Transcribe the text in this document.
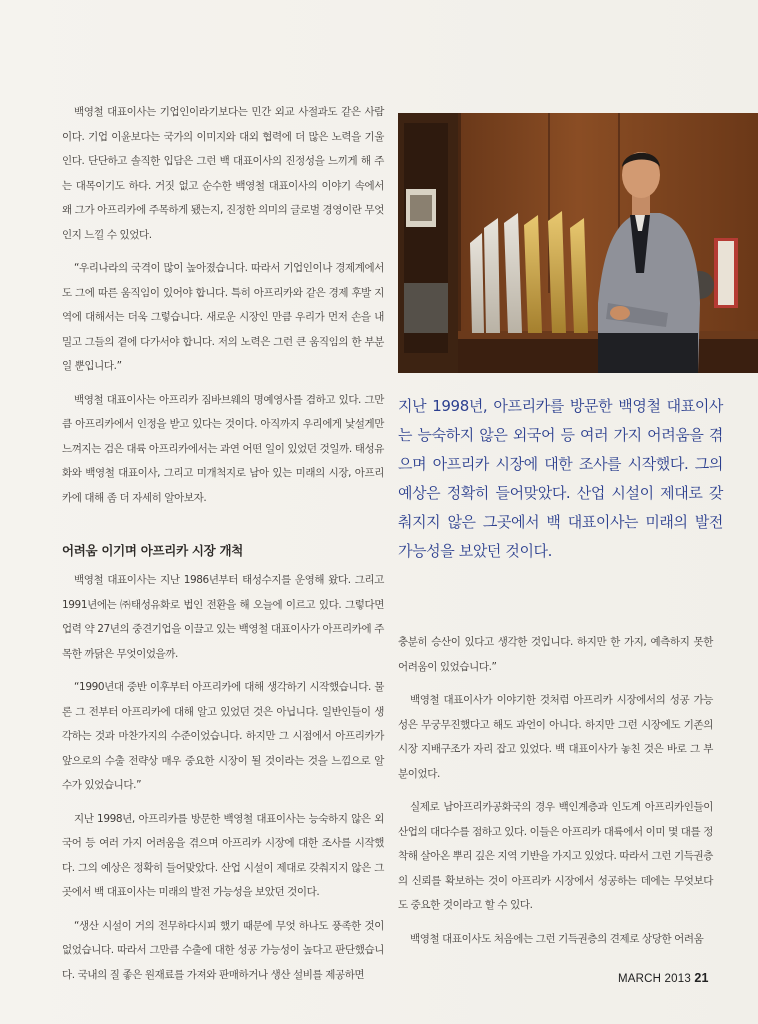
백영철 대표이사는 기업인이라기보다는 민간 외교 사절과도 같은 사람이다. 기업 이윤보다는 국가의 이미지와 대외 협력에 더 많은 노력을 기울인다. 단단하고 솔직한 입담은 그런 백 대표이사의 진정성을 느끼게 해 주는 대목이기도 하다. 거짓 없고 순수한 백영철 대표이사의 이야기 속에서 왜 그가 아프리카에 주목하게 됐는지, 진정한 의미의 글로벌 경영이란 무엇인지 느낄 수 있었다.

“우리나라의 국격이 많이 높아졌습니다. 따라서 기업인이나 경제계에서도 그에 따른 움직임이 있어야 합니다. 특히 아프리카와 같은 경제 후발 지역에 대해서는 더욱 그렇습니다. 새로운 시장인 만큼 우리가 먼저 손을 내밀고 그들의 곁에 다가서야 합니다. 저의 노력은 그런 큰 움직임의 한 부분일 뿐입니다.”

백영철 대표이사는 아프리카 짐바브웨의 명예영사를 겸하고 있다. 그만큼 아프리카에서 인정을 받고 있다는 것이다. 아직까지 우리에게 낯설게만 느껴지는 검은 대륙 아프리카에서는 과연 어떤 일이 있었던 것일까. 태성유화와 백영철 대표이사, 그리고 미개척지로 남아 있는 미래의 시장, 아프리카에 대해 좀 더 자세히 알아보자.

어려움 이기며 아프리카 시장 개척

백영철 대표이사는 지난 1986년부터 태성수지를 운영해 왔다. 그리고 1991년에는 ㈜태성유화로 법인 전환을 해 오늘에 이르고 있다. 그렇다면 업력 약 27년의 중견기업을 이끌고 있는 백영철 대표이사가 아프리카에 주목한 까닭은 무엇이었을까.

“1990년대 중반 이후부터 아프리카에 대해 생각하기 시작했습니다. 물론 그 전부터 아프리카에 대해 알고 있었던 것은 아닙니다. 일반인들이 생각하는 것과 마찬가지의 수준이었습니다. 하지만 그 시점에서 아프리카가 앞으로의 수출 전략상 매우 중요한 시장이 될 것이라는 것을 느낌으로 알 수가 있었습니다.”

지난 1998년, 아프리카를 방문한 백영철 대표이사는 능숙하지 않은 외국어 등 여러 가지 어려움을 겪으며 아프리카 시장에 대한 조사를 시작했다. 그의 예상은 정확히 들어맞았다. 산업 시설이 제대로 갖춰지지 않은 그곳에서 백 대표이사는 미래의 발전 가능성을 보았던 것이다.

“생산 시설이 거의 전무하다시피 했기 때문에 무엇 하나도 풍족한 것이 없었습니다. 따라서 그만큼 수출에 대한 성공 가능성이 높다고 판단했습니다. 국내의 질 좋은 원재료를 가져와 판매하거나 생산 설비를 제공하면

지난 1998년, 아프리카를 방문한 백영철 대표이사는 능숙하지 않은 외국어 등 여러 가지 어려움을 겪으며 아프리카 시장에 대한 조사를 시작했다. 그의 예상은 정확히 들어맞았다. 산업 시설이 제대로 갖춰지지 않은 그곳에서 백 대표이사는 미래의 발전 가능성을 보았던 것이다.

충분히 승산이 있다고 생각한 것입니다. 하지만 한 가지, 예측하지 못한 어려움이 있었습니다.”

백영철 대표이사가 이야기한 것처럼 아프리카 시장에서의 성공 가능성은 무궁무진했다고 해도 과언이 아니다. 하지만 그런 시장에도 기존의 시장 지배구조가 자리 잡고 있었다. 백 대표이사가 놓친 것은 바로 그 부분이었다.

실제로 남아프리카공화국의 경우 백인계층과 인도계 아프리카인들이 산업의 대다수를 점하고 있다. 이들은 아프리카 대륙에서 이미 몇 대를 정착해 살아온 뿌리 깊은 지역 기반을 가지고 있었다. 따라서 그런 기득권층의 신뢰를 확보하는 것이 아프리카 시장에서 성공하는 데에는 무엇보다도 중요한 것이라고 할 수 있다.

백영철 대표이사도 처음에는 그런 기득권층의 견제로 상당한 어려움

MARCH 2013 21
